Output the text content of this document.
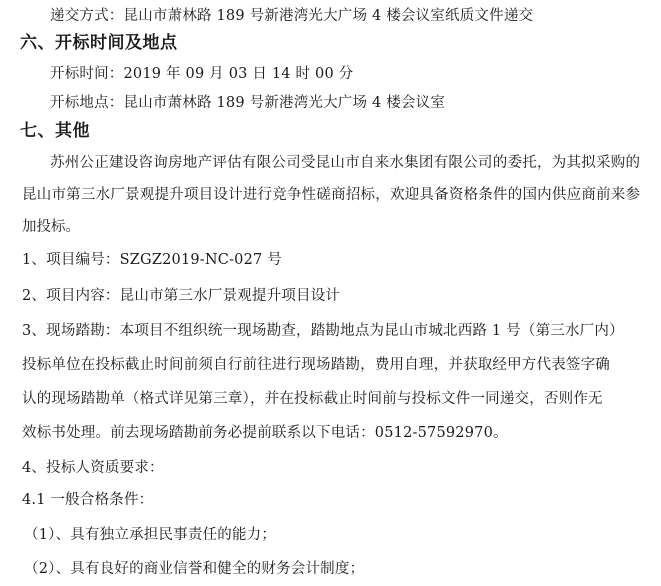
递交方式：昆山市萧林路 189 号新港湾光大广场 4 楼会议室纸质文件递交
六、开标时间及地点
开标时间：2019 年 09 月 03 日 14 时 00 分
开标地点：昆山市萧林路 189 号新港湾光大广场 4 楼会议室
七、其他
苏州公正建设咨询房地产评估有限公司受昆山市自来水集团有限公司的委托，为其拟采购的昆山市第三水厂景观提升项目设计进行竞争性磋商招标，欢迎具备资格条件的国内供应商前来参加投标。
1、项目编号：SZGZ2019-NC-027 号
2、项目内容：昆山市第三水厂景观提升项目设计
3、现场踏勘：本项目不组织统一现场勘查，踏勘地点为昆山市城北西路 1 号（第三水厂内）
投标单位在投标截止时间前须自行前往进行现场踏勘，费用自理，并获取经甲方代表签字确
认的现场踏勘单（格式详见第三章），并在投标截止时间前与投标文件一同递交，否则作无
效标书处理。前去现场踏勘前务必提前联系以下电话：0512-57592970。
4、投标人资质要求：
4.1 一般合格条件：
（1）、具有独立承担民事责任的能力；
（2）、具有良好的商业信誉和健全的财务会计制度；
